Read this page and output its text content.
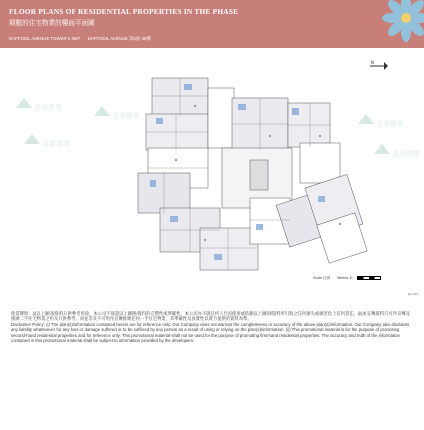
FLOOR PLANS OF RESIDENTIAL PROPERTIES IN THE PHASE
期數的住宅物業的樓面平面圖
DAFFODIL AVENUE TOWER 5 38/F DAFFODIL AVENUE 第5座 38樓
香港置業
香港置業
香港置業
香港置業
香港置業
N
Scale 比例 Metres 米
EL-C55

免責聲明：(i)以上圖則/資料只供參考用途，本公司不保證以上圖則/資料的完整性或準確性，本公司亦不就任何人仕因使用或依賴以上圖則/資料所引致之任何損失或損害負上任何責任。(ii)本宣傳資料只可作宣傳及推廣二手住宅物業之用及只供參考，而並非及不可用作宣傳推廣任何一手住宅物業，其準確性及真實性以賣方提供的資料為準。

Disclaimer Policy: (i) The plan(s)/information contained herein are for reference only. Our Company does not warrant the completeness or accuracy of the above plan(s)/information. Our Company also disclaims any liability whatsoever for any loss or damage suffered or to be suffered by any person as a result of using or relying on the plan(s)/information. (ii) This promotional material is for the purpose of promoting second-hand residential properties and for reference only. This promotional material shall not be used for the purpose of promoting first-hand residential properties. The accuracy and truth of the information contained in this promotional material shall be subject to information provided by the developers.
